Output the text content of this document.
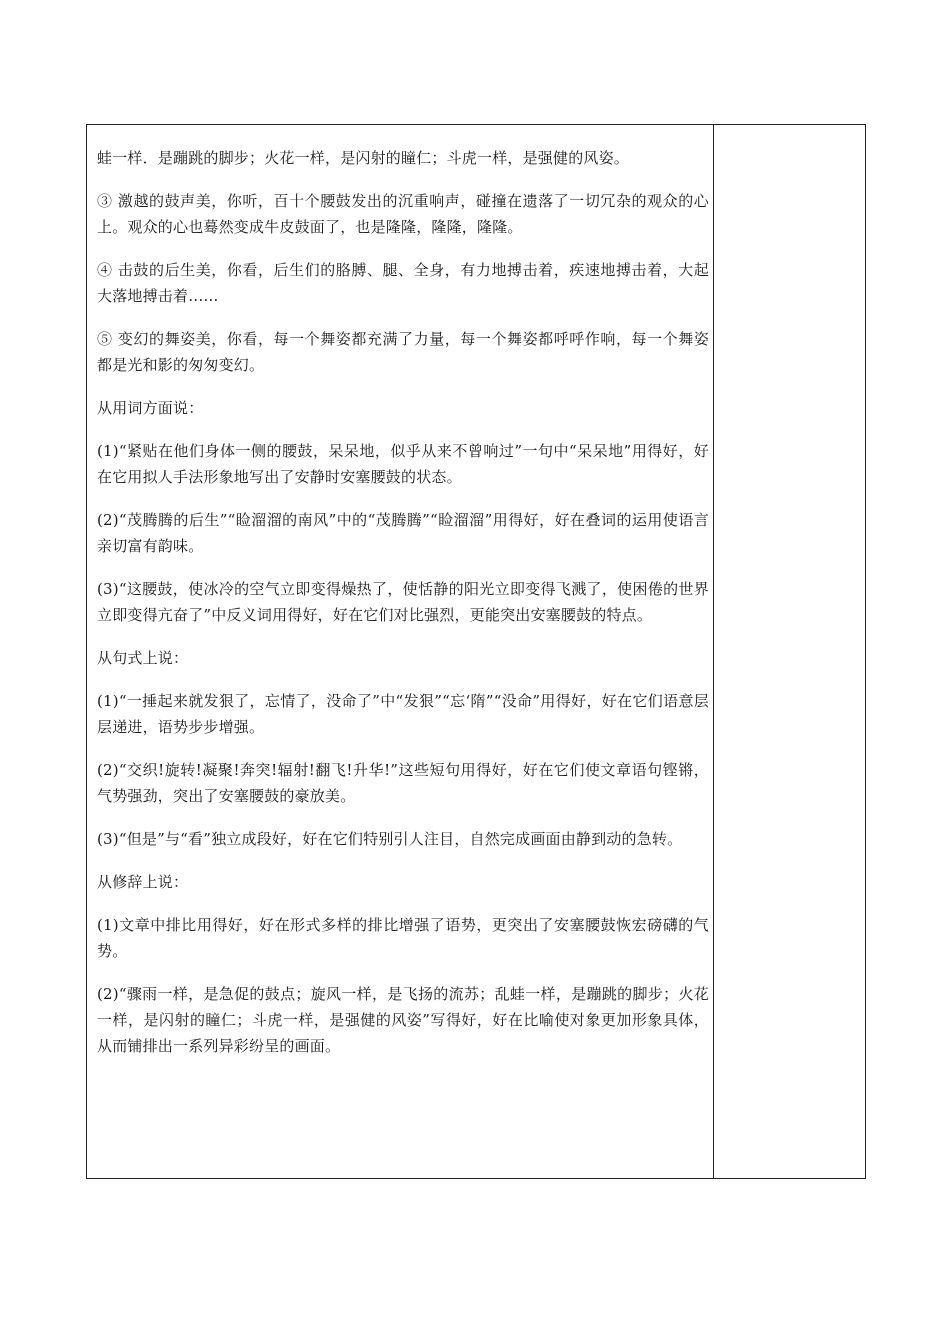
蛙一样．是蹦跳的脚步；火花一样，是闪射的瞳仁；斗虎一样，是强健的风姿。

③ 激越的鼓声美，你听，百十个腰鼓发出的沉重响声，碰撞在遗落了一切冗杂的观众的心上。观众的心也蓦然变成牛皮鼓面了，也是隆隆，隆隆，隆隆。

④ 击鼓的后生美，你看，后生们的胳膊、腿、全身，有力地搏击着，疾速地搏击着，大起大落地搏击着……

⑤ 变幻的舞姿美，你看，每一个舞姿都充满了力量，每一个舞姿都呼呼作响，每一个舞姿都是光和影的匆匆变幻。

从用词方面说：

(1)“紧贴在他们身体一侧的腰鼓，呆呆地，似乎从来不曾响过”一句中“呆呆地”用得好，好在它用拟人手法形象地写出了安静时安塞腰鼓的状态。

(2)“茂腾腾的后生”“睑溜溜的南风”中的“茂腾腾”“睑溜溜”用得好，好在叠词的运用使语言亲切富有韵味。

(3)“这腰鼓，使冰冷的空气立即变得燥热了，使恬静的阳光立即变得飞溅了，使困倦的世界立即变得亢奋了”中反义词用得好，好在它们对比强烈，更能突出安塞腰鼓的特点。

从句式上说：

(1)“一捶起来就发狠了，忘情了，没命了”中“发狠”“忘‘隋”“没命”用得好，好在它们语意层层递进，语势步步增强。

(2)“交织!旋转!凝聚!奔突!辐射!翻飞!升华!”这些短句用得好，好在它们使文章语句铿锵，气势强劲，突出了安塞腰鼓的豪放美。

(3)“但是”与“看”独立成段好，好在它们特别引人注目，自然完成画面由静到动的急转。

从修辞上说：

(1)文章中排比用得好，好在形式多样的排比增强了语势，更突出了安塞腰鼓恢宏磅礴的气势。

(2)“骤雨一样，是急促的鼓点；旋风一样，是飞扬的流苏；乱蛙一样，是蹦跳的脚步；火花一样，是闪射的瞳仁；斗虎一样，是强健的风姿”写得好，好在比喻使对象更加形象具体，从而铺排出一系列异彩纷呈的画面。
